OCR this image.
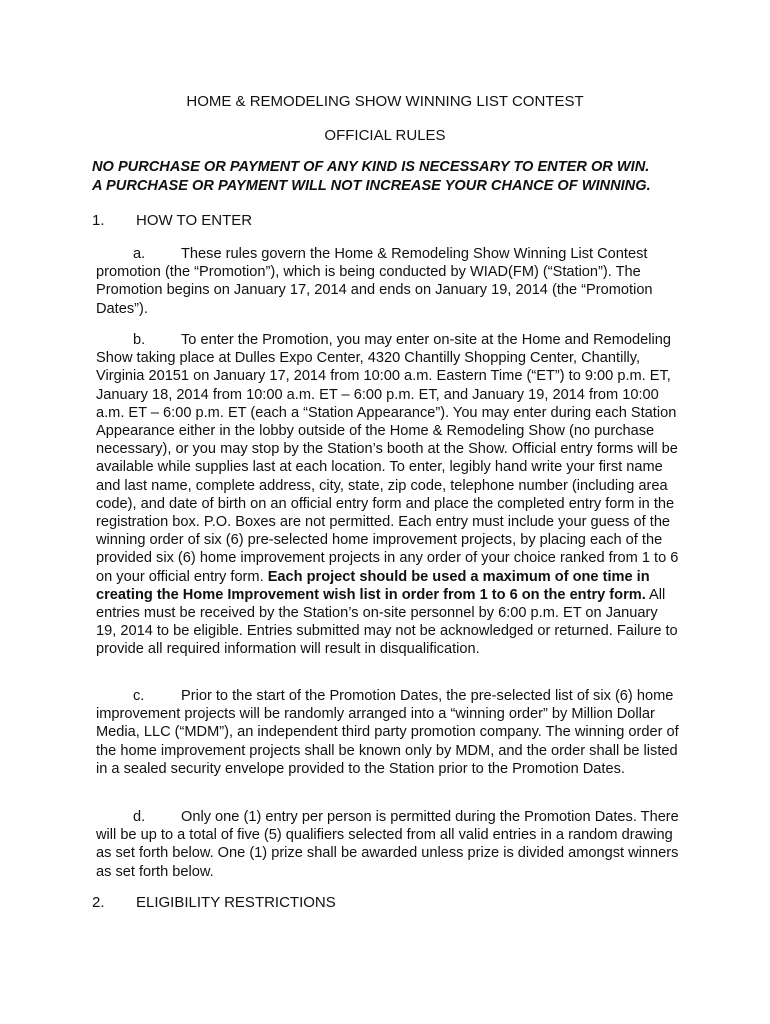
HOME & REMODELING SHOW WINNING LIST CONTEST
OFFICIAL RULES
NO PURCHASE OR PAYMENT OF ANY KIND IS NECESSARY TO ENTER OR WIN.
A PURCHASE OR PAYMENT WILL NOT INCREASE YOUR CHANCE OF WINNING.
1. HOW TO ENTER

a. These rules govern the Home & Remodeling Show Winning List Contest promotion (the “Promotion”), which is being conducted by WIAD(FM) (“Station”). The Promotion begins on January 17, 2014 and ends on January 19, 2014 (the “Promotion Dates”).

b. To enter the Promotion, you may enter on-site at the Home and Remodeling Show taking place at Dulles Expo Center, 4320 Chantilly Shopping Center, Chantilly, Virginia 20151 on January 17, 2014 from 10:00 a.m. Eastern Time (“ET”) to 9:00 p.m. ET, January 18, 2014 from 10:00 a.m. ET – 6:00 p.m. ET, and January 19, 2014 from 10:00 a.m. ET – 6:00 p.m. ET (each a “Station Appearance”). You may enter during each Station Appearance either in the lobby outside of the Home & Remodeling Show (no purchase necessary), or you may stop by the Station’s booth at the Show. Official entry forms will be available while supplies last at each location. To enter, legibly hand write your first name and last name, complete address, city, state, zip code, telephone number (including area code), and date of birth on an official entry form and place the completed entry form in the registration box. P.O. Boxes are not permitted. Each entry must include your guess of the winning order of six (6) pre-selected home improvement projects, by placing each of the provided six (6) home improvement projects in any order of your choice ranked from 1 to 6 on your official entry form. Each project should be used a maximum of one time in creating the Home Improvement wish list in order from 1 to 6 on the entry form. All entries must be received by the Station’s on-site personnel by 6:00 p.m. ET on January 19, 2014 to be eligible. Entries submitted may not be acknowledged or returned. Failure to provide all required information will result in disqualification.

c.	Prior to the start of the Promotion Dates, the pre-selected list of six (6) home improvement projects will be randomly arranged into a “winning order” by Million Dollar Media, LLC (“MDM”), an independent third party promotion company. The winning order of the home improvement projects shall be known only by MDM, and the order shall be listed in a sealed security envelope provided to the Station prior to the Promotion Dates.

d. Only one (1) entry per person is permitted during the Promotion Dates. There will be up to a total of five (5) qualifiers selected from all valid entries in a random drawing as set forth below. One (1) prize shall be awarded unless prize is divided amongst winners as set forth below.

2. ELIGIBILITY RESTRICTIONS
